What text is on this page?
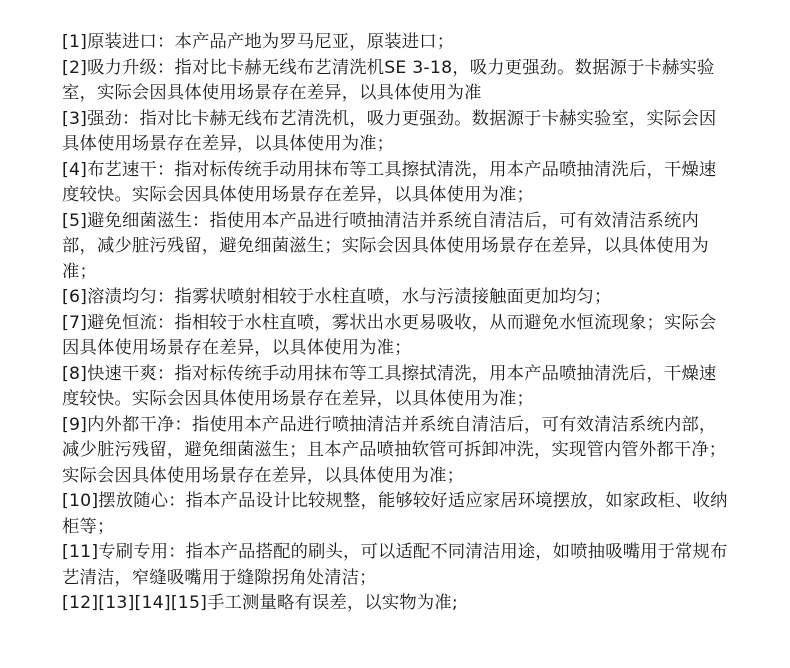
[1]原装进口：本产品产地为罗马尼亚，原装进口；
[2]吸力升级：指对比卡赫无线布艺清洗机SE 3-18，吸力更强劲。数据源于卡赫实验室，实际会因具体使用场景存在差异，以具体使用为准
[3]强劲：指对比卡赫无线布艺清洗机，吸力更强劲。数据源于卡赫实验室，实际会因具体使用场景存在差异，以具体使用为准；
[4]布艺速干：指对标传统手动用抹布等工具擦拭清洗，用本产品喷抽清洗后，干燥速度较快。实际会因具体使用场景存在差异，以具体使用为准；
[5]避免细菌滋生：指使用本产品进行喷抽清洁并系统自清洁后，可有效清洁系统内部，减少脏污残留，避免细菌滋生；实际会因具体使用场景存在差异，以具体使用为准；
[6]溶渍均匀：指雾状喷射相较于水柱直喷，水与污渍接触面更加均匀；
[7]避免恒流：指相较于水柱直喷，雾状出水更易吸收，从而避免水恒流现象；实际会因具体使用场景存在差异，以具体使用为准；
[8]快速干爽：指对标传统手动用抹布等工具擦拭清洗，用本产品喷抽清洗后，干燥速度较快。实际会因具体使用场景存在差异，以具体使用为准；
[9]内外都干净：指使用本产品进行喷抽清洁并系统自清洁后，可有效清洁系统内部，减少脏污残留，避免细菌滋生；且本产品喷抽软管可拆卸冲洗，实现管内管外都干净；实际会因具体使用场景存在差异，以具体使用为准；
[10]摆放随心：指本产品设计比较规整，能够较好适应家居环境摆放，如家政柜、收纳柜等；
[11]专刷专用：指本产品搭配的刷头，可以适配不同清洁用途，如喷抽吸嘴用于常规布艺清洁，窄缝吸嘴用于缝隙拐角处清洁；
[12][13][14][15]手工测量略有误差，以实物为准;
